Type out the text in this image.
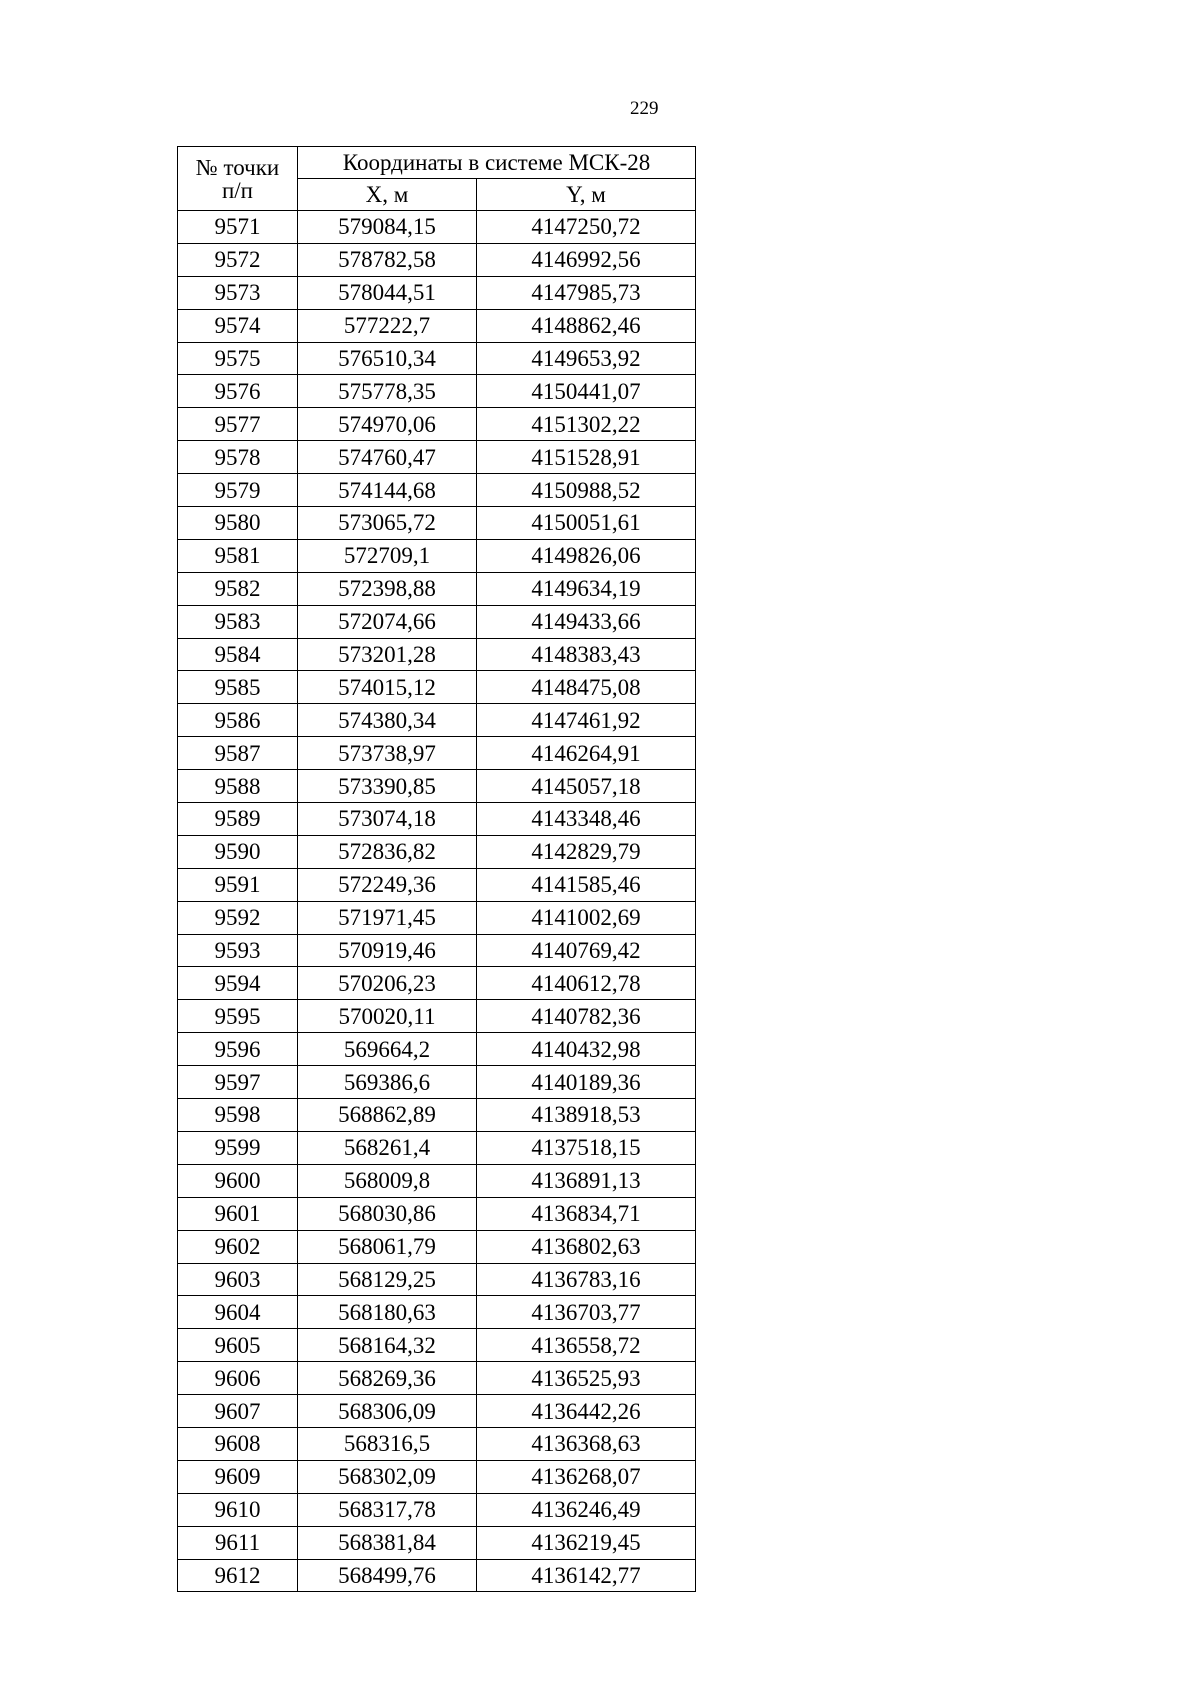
229
№ точки
п/п	Координаты в системе МСК-28	
	X, м	Y, м
9571	579084,15	4147250,72
9572	578782,58	4146992,56
9573	578044,51	4147985,73
9574	577222,7	4148862,46
9575	576510,34	4149653,92
9576	575778,35	4150441,07
9577	574970,06	4151302,22
9578	574760,47	4151528,91
9579	574144,68	4150988,52
9580	573065,72	4150051,61
9581	572709,1	4149826,06
9582	572398,88	4149634,19
9583	572074,66	4149433,66
9584	573201,28	4148383,43
9585	574015,12	4148475,08
9586	574380,34	4147461,92
9587	573738,97	4146264,91
9588	573390,85	4145057,18
9589	573074,18	4143348,46
9590	572836,82	4142829,79
9591	572249,36	4141585,46
9592	571971,45	4141002,69
9593	570919,46	4140769,42
9594	570206,23	4140612,78
9595	570020,11	4140782,36
9596	569664,2	4140432,98
9597	569386,6	4140189,36
9598	568862,89	4138918,53
9599	568261,4	4137518,15
9600	568009,8	4136891,13
9601	568030,86	4136834,71
9602	568061,79	4136802,63
9603	568129,25	4136783,16
9604	568180,63	4136703,77
9605	568164,32	4136558,72
9606	568269,36	4136525,93
9607	568306,09	4136442,26
9608	568316,5	4136368,63
9609	568302,09	4136268,07
9610	568317,78	4136246,49
9611	568381,84	4136219,45
9612	568499,76	4136142,77
